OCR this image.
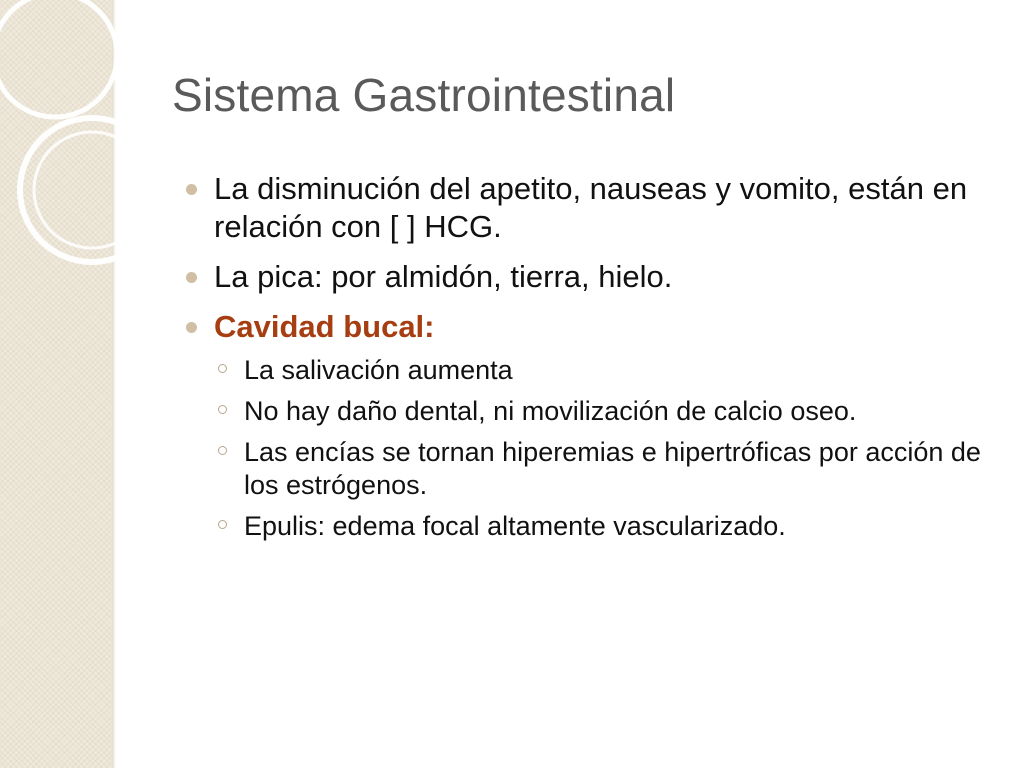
Sistema Gastrointestinal
La disminución del apetito, nauseas y vomito, están en relación con [ ] HCG.
La pica: por almidón, tierra, hielo.
Cavidad bucal:
La salivación aumenta
No hay daño dental, ni movilización de calcio oseo.
Las encías se tornan hiperemias e hipertróficas por acción de los estrógenos.
Epulis: edema focal altamente vascularizado.
